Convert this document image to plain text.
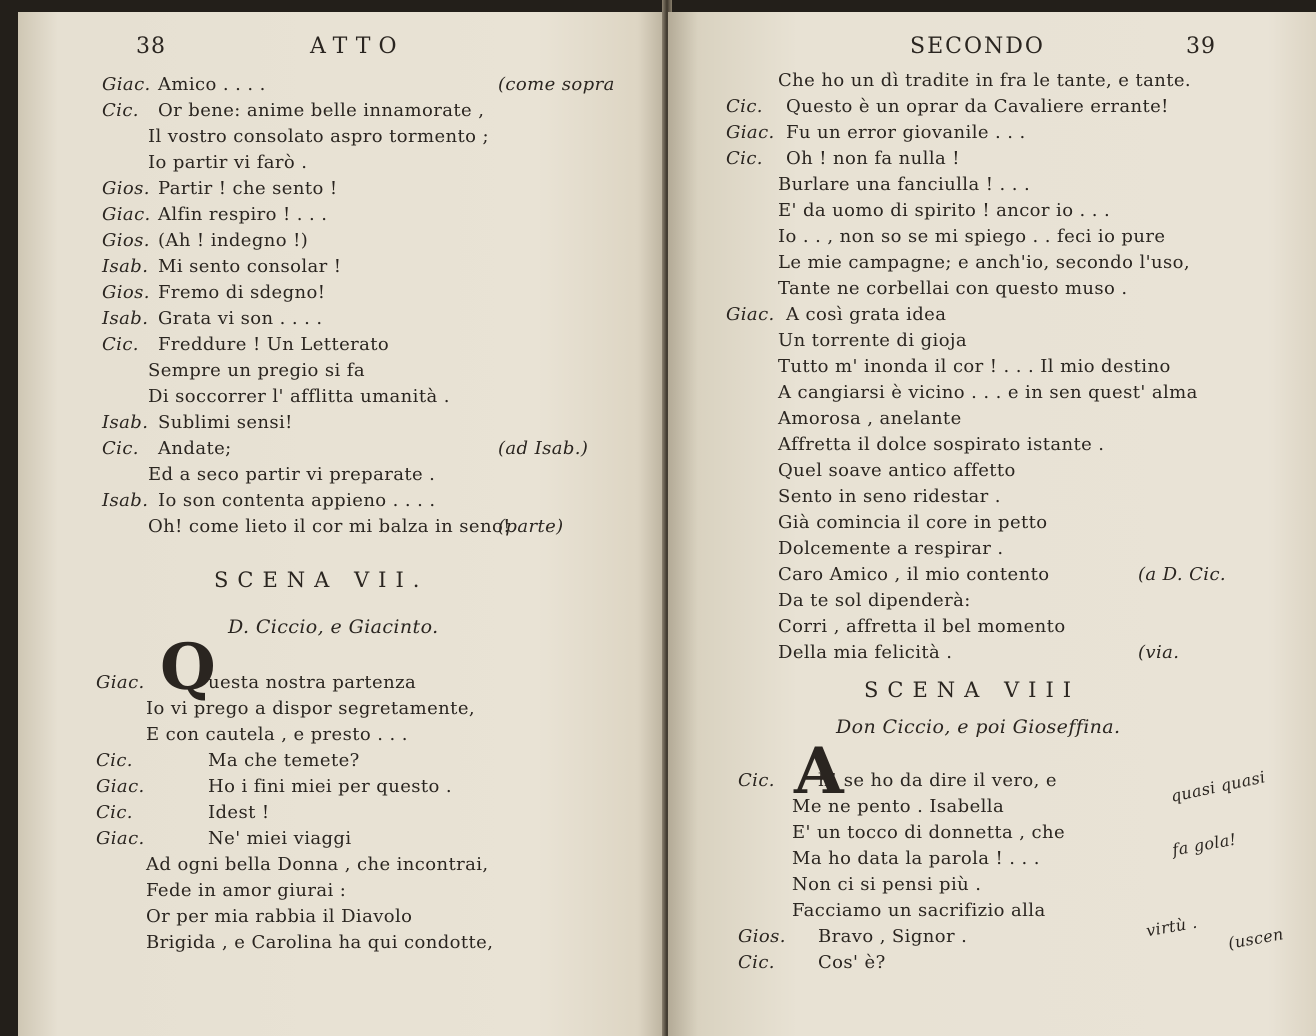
38	ATTO
Giac. Amico . . . .	(come sopra
Cic. Or bene: anime belle innamorate ,
Il vostro consolato aspro tormento ;
Io partir vi farò .
Gios. Partir ! che sento !
Giac. Alfin respiro ! . . .
Gios. (Ah ! indegno !)
Isab. Mi sento consolar !
Gios. Fremo di sdegno!
Isab. Grata vi son . . . .
Cic. Freddure ! Un Letterato
Sempre un pregio si fa
Di soccorrer l' afflitta umanità .
Isab. Sublimi sensi!
Cic. Andate;	(ad Isab.)
Ed a seco partir vi preparate .
Isab. Io son contenta appieno . . . .
Oh! come lieto il cor mi balza in seno!
(parte)
SCENA VII.
D. Ciccio, e Giacinto.
Q
Giac.	uesta nostra partenza
Io vi prego a dispor segretamente,
E con cautela , e presto . . .
Cic.	Ma che temete?
Giac.	Ho i fini miei per questo .
Cic.	Idest !
Giac.	Ne' miei viaggi
Ad ogni bella Donna , che incontrai,
Fede in amor giurai :
Or per mia rabbia il Diavolo
Brigida , e Carolina ha qui condotte,
SECONDO	39
Che ho un dì tradite in fra le tante, e tante.
Cic. Questo è un oprar da Cavaliere errante!
Giac. Fu un error giovanile . . .
Cic. Oh ! non fa nulla !
Burlare una fanciulla ! . . .
E' da uomo di spirito ! ancor io . . .
Io . . , non so se mi spiego . . feci io pure
Le mie campagne; e anch'io, secondo l'uso,
Tante ne corbellai con questo muso .
Giac. A così grata idea
Un torrente di gioja
Tutto m' inonda il cor ! . . . Il mio destino
A cangiarsi è vicino . . . e in sen quest' alma
Amorosa , anelante
Affretta il dolce sospirato istante .
Quel soave antico affetto
Sento in seno ridestar .
Già comincia il core in petto
Dolcemente a respirar .
Caro Amico , il mio contento	(a D. Cic.
Da te sol dipenderà:
Corri , affretta il bel momento
Della mia felicità .	(via.
SCENA VIII
Don Ciccio, e poi Gioseffina.
A
Cic. h! se ho da dire il vero, e
Me ne pento . Isabella
E' un tocco di donnetta , che
Ma ho data la parola ! . . .
Non ci si pensi più .
Facciamo un sacrifizio alla
Gios. Bravo , Signor .
Cic. Cos' è?
quasi quasi
fa gola!
virtù . (uscen
